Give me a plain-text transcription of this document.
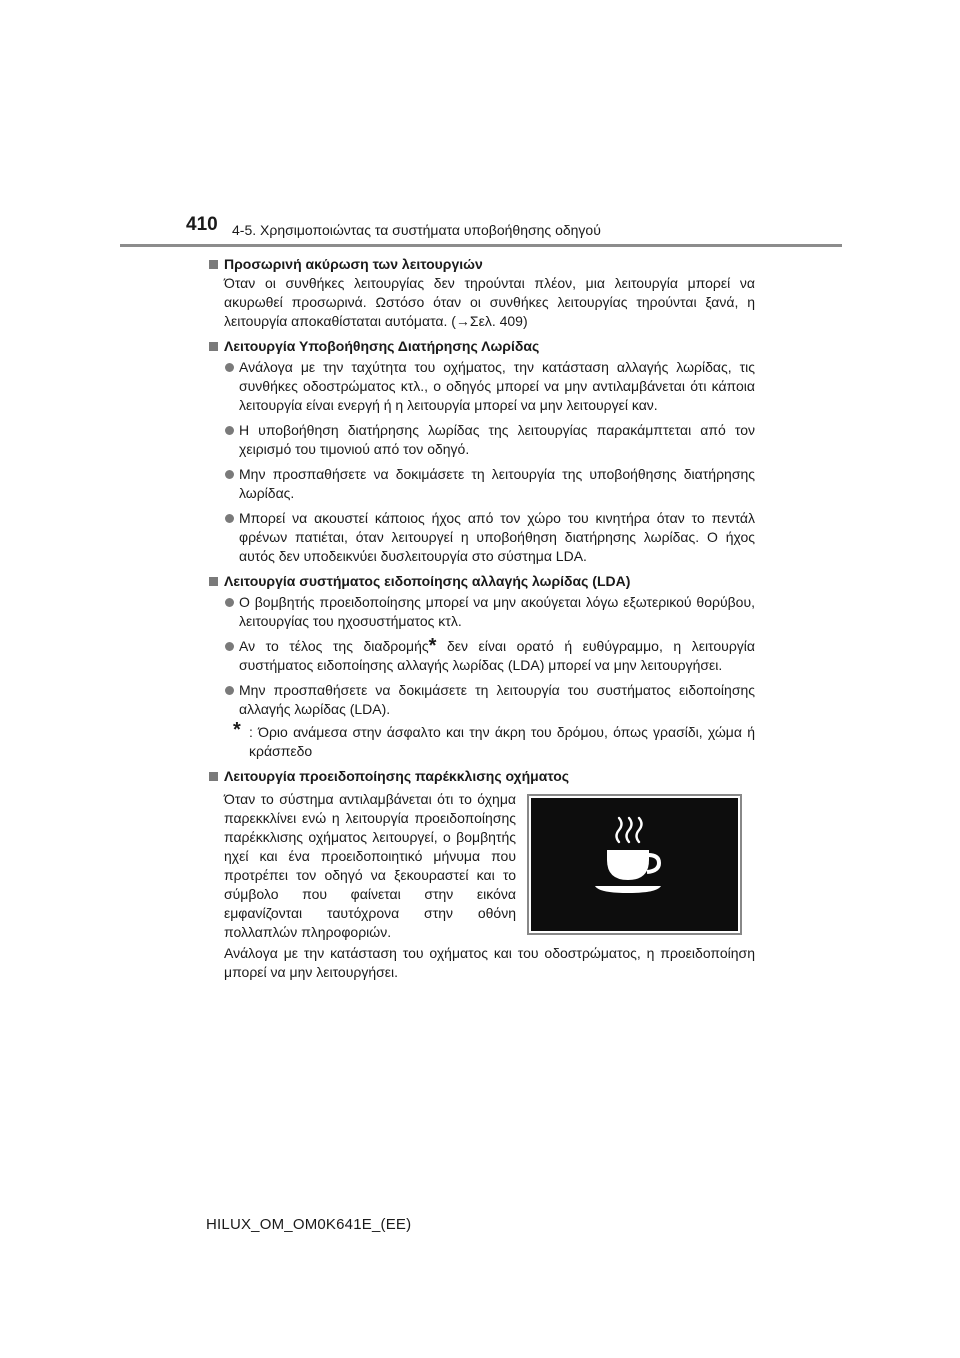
410 4-5. Χρησιμοποιώντας τα συστήματα υποβοήθησης οδηγού
Προσωρινή ακύρωση των λειτουργιών
Όταν οι συνθήκες λειτουργίας δεν τηρούνται πλέον, μια λειτουργία μπορεί να ακυρωθεί προσωρινά. Ωστόσο όταν οι συνθήκες λειτουργίας τηρούνται ξανά, η λειτουργία αποκαθίσταται αυτόματα. (→Σελ. 409)
Λειτουργία Υποβοήθησης Διατήρησης Λωρίδας
Ανάλογα με την ταχύτητα του οχήματος, την κατάσταση αλλαγής λωρίδας, τις συνθήκες οδοστρώματος κτλ., ο οδηγός μπορεί να μην αντιλαμβάνεται ότι κάποια λειτουργία είναι ενεργή ή η λειτουργία μπορεί να μην λειτουργεί καν.
Η υποβοήθηση διατήρησης λωρίδας της λειτουργίας παρακάμπτεται από τον χειρισμό του τιμονιού από τον οδηγό.
Μην προσπαθήσετε να δοκιμάσετε τη λειτουργία της υποβοήθησης διατήρησης λωρίδας.
Μπορεί να ακουστεί κάποιος ήχος από τον χώρο του κινητήρα όταν το πεντάλ φρένων πατιέται, όταν λειτουργεί η υποβοήθηση διατήρησης λωρίδας. Ο ήχος αυτός δεν υποδεικνύει δυσλειτουργία στο σύστημα LDA.
Λειτουργία συστήματος ειδοποίησης αλλαγής λωρίδας (LDA)
Ο βομβητής προειδοποίησης μπορεί να μην ακούγεται λόγω εξωτερικού θορύβου, λειτουργίας του ηχοσυστήματος κτλ.
Αν το τέλος της διαδρομής* δεν είναι ορατό ή ευθύγραμμο, η λειτουργία συστήματος ειδοποίησης αλλαγής λωρίδας (LDA) μπορεί να μην λειτουργήσει.
Μην προσπαθήσετε να δοκιμάσετε τη λειτουργία του συστήματος ειδοποίησης αλλαγής λωρίδας (LDA).
* : Όριο ανάμεσα στην άσφαλτο και την άκρη του δρόμου, όπως γρασίδι, χώμα ή κράσπεδο
Λειτουργία προειδοποίησης παρέκκλισης οχήματος
Όταν το σύστημα αντιλαμβάνεται ότι το όχημα παρεκκλίνει ενώ η λειτουργία προειδοποίησης παρέκκλισης οχήματος λειτουργεί, ο βομβητής ηχεί και ένα προειδοποιητικό μήνυμα που προτρέπει τον οδηγό να ξεκουραστεί και το σύμβολο που φαίνεται στην εικόνα εμφανίζονται ταυτόχρονα στην οθόνη πολλαπλών πληροφοριών.
Ανάλογα με την κατάσταση του οχήματος και του οδοστρώματος, η προειδοποίηση μπορεί να μην λειτουργήσει.
HILUX_OM_OM0K641E_(EE)
